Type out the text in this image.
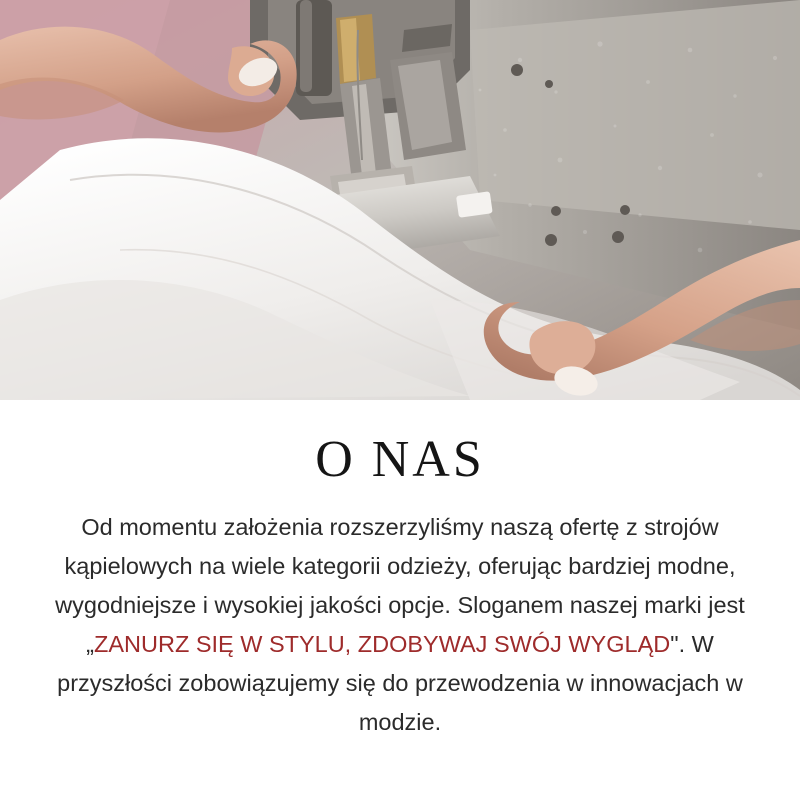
O NAS

Od momentu założenia rozszerzyliśmy naszą ofertę z strojów kąpielowych na wiele kategorii odzieży, oferując bardziej modne, wygodniejsze i wysokiej jakości opcje. Sloganem naszej marki jest „ZANURZ SIĘ W STYLU, ZDOBYWAJ SWÓJ WYGLĄD". W przyszłości zobowiązujemy się do przewodzenia w innowacjach w modzie.
